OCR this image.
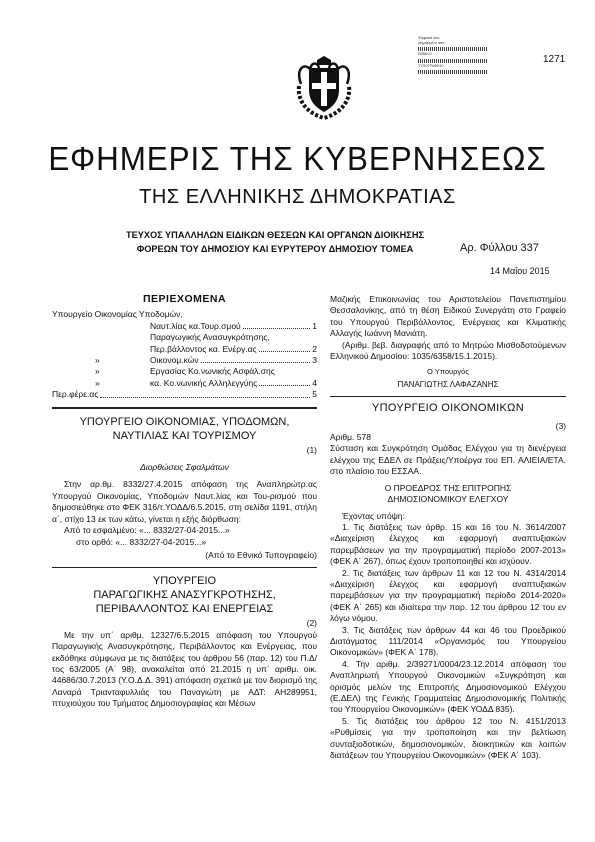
Ψηφιακά υπο-
γεγραμμένο από
EBNIKO
ΤΥΠΟΓΡΑΦΕΙΟ
1271
ΕΦΗΜΕΡΙΣ ΤΗΣ ΚΥΒΕΡΝΗΣΕΩΣ
ΤΗΣ ΕΛΛΗΝΙΚΗΣ ΔΗΜΟΚΡΑΤΙΑΣ
ΤΕΥΧΟΣ ΥΠΑΛΛΗΛΩΝ ΕΙΔΙΚΩΝ ΘΕΣΕΩΝ ΚΑΙ ΟΡΓΑΝΩΝ ΔΙΟΙΚΗΣΗΣ
ΦΟΡΕΩΝ ΤΟΥ ΔΗΜΟΣΙΟΥ ΚΑΙ ΕΥΡΥΤΕΡΟΥ ΔΗΜΟΣΙΟΥ ΤΟΜΕΑ	Αρ. Φύλλου 337
14 Μαΐου 2015
ΠΕΡΙΕΧΟΜΕΝΑ
Υπουργείο Οικονομίας Υποδομών,
Ναυτ.λίας κα.Τουρ.σμού	1
Παραγωγικής Ανασυγκρότησης,
Περ.βάλλοντος κα. Ενέργ.ας	2
»	Οικονομ.κών	3
»	Εργασίας Κο.νωνικής Ασφάλ.σης
»	κα. Κο.νωνικής Αλληλεγγύης	4
Περ.φέρε.ας	5
ΥΠΟΥΡΓΕΙΟ ΟΙΚΟΝΟΜΙΑΣ, ΥΠΟΔΟΜΩΝ,
ΝΑΥΤΙΛΙΑΣ ΚΑΙ ΤΟΥΡΙΣΜΟΥ
(1)
Διορθώσεις Σφαλμάτων

Στην αρ.θμ. 8332/27.4.2015 απόφαση της Αναπληρώτρ.ας Υπουργού Οικονομίας, Υποδομών Ναυτ.λίας και Του-ρισμού που δημοσιεύθηκε στο ΦΕΚ 316/τ.ΥΟΔΔ/6.5.2015, στη σελίδα 1191, στήλη α΄, στίχο 13 εκ των κάτω, γίνεται η εξής διόρθωση:

Από το εσφαλμένο: «... 8332/27-04-2015...»

στο ορθό: «... 8332/27-04-2015...»

(Από το Εθνικό Τυπογραφείο)
ΥΠΟΥΡΓΕΙΟ
ΠΑΡΑΓΩΓΙΚΗΣ ΑΝΑΣΥΓΚΡΟΤΗΣΗΣ,
ΠΕΡΙΒΑΛΛΟΝΤΟΣ ΚΑΙ ΕΝΕΡΓΕΙΑΣ
(2)

Με την υπ΄ αριθμ. 12327/6.5.2015 απόφαση του Υπουργού Παραγωγικής Ανασυγκρότησης, Περιβάλλοντος και Ενέργειας, που εκδόθηκε σύμφωνα με τις διατάξεις του άρθρου 56 (παρ. 12) του Π.Δ/τος 63/2005 (Α΄ 98), ανακαλείται από 21.2015 η υπ΄ αριθμ. οικ. 44686/30.7.2013 (Υ.Ο.Δ.Δ. 391) απόφαση σχετικά με τον διορισμό της Λαναρά Τριανταφυλλιάς του Παναγιώτη με ΑΔΤ: ΑΗ289951, πτυχιούχου του Τμήματος Δημοσιογραφίας και Μέσων

Μαζικής Επικοινωνίας του Αριστοτελείου Πανεπιστημίου Θεσσαλονίκης, από τη θέση Ειδικού Συνεργάτη στο Γραφείο του Υπουργού Περιβάλλοντος, Ενέργειας και Κλιματικής Αλλαγής Ιωάννη Μανιάτη.

(Αριθμ. βεβ. διαγραφής από το Μητρώο Μισθοδοτούμενων Ελληνικού Δημοσίου: 1035/6358/15.1.2015).

Ο Υπουργός
ΠΑΝΑΓΙΩΤΗΣ ΛΑΦΑΖΑΝΗΣ
ΥΠΟΥΡΓΕΙΟ ΟΙΚΟΝΟΜΙΚΩΝ
(3)
Αριθμ. 578

Σύσταση και Συγκρότηση Ομάδας Ελέγχου για τη διενέργεια ελέγχου της ΕΔΕΛ σε Πράξεις/Υποέργα του ΕΠ. ΑΛΙΕΙΑ/ΕΤΑ. στο πλαίσιο του ΕΣΣΑΑ.

Ο ΠΡΟΕΔΡΟΣ ΤΗΣ ΕΠΙΤΡΟΠΗΣ
ΔΗΜΟΣΙΟΝΟΜΙΚΟΥ ΕΛΕΓΧΟΥ

Έχοντας υπόψη:

1. Τις διατάξεις των άρθρ. 15 και 16 του Ν. 3614/2007 «Διαχείριση έλεγχος και εφαρμογή αναπτυξιακών παρεμβάσεων για την προγραμματική περίοδο 2007-2013» (ΦΕΚ Α΄ 267), όπως έχουν τροποποιηθεί και ισχύουν.

2. Τις διατάξεις των άρθρων 11 και 12 του Ν. 4314/2014 «Διαχείριση έλεγχος και εφαρμογή αναπτυξιακών παρεμβάσεων για την προγραμματική περίοδο 2014-2020» (ΦΕΚ Α΄ 265) και ιδιαίτερα την παρ. 12 του άρθρου 12 του εν λόγω νόμου.

3. Τις διατάξεις των άρθρων 44 και 46 του Προεδρικού Διατάγματος 111/2014 «Οργανισμός του Υπουργείου Οικονομικών» (ΦΕΚ Α΄ 178).

4. Την αριθμ. 2/39271/0004/23.12.2014 απόφαση του Αναπληρωτή Υπουργού Οικονομικών «Συγκρότηση και ορισμός μελών της Επιτροπής Δημοσιονομικού Ελέγχου (Ε.ΔΕΛ) της Γενικής Γραμματείας Δημοσιονομικής Πολιτικής του Υπουργείου Οικονομικών» (ΦΕΚ ΥΟΔΔ 835).

5. Τις διατάξεις του άρθρου 12 του Ν. 4151/2013 «Ρυθμίσεις για την τροποποίηση και την βελτίωση συνταξιοδοτικών, δημοσιονομικών, διοικητικών και λοιπών διατάξεων του Υπουργείου Οικονομικών» (ΦΕΚ Α΄ 103).
